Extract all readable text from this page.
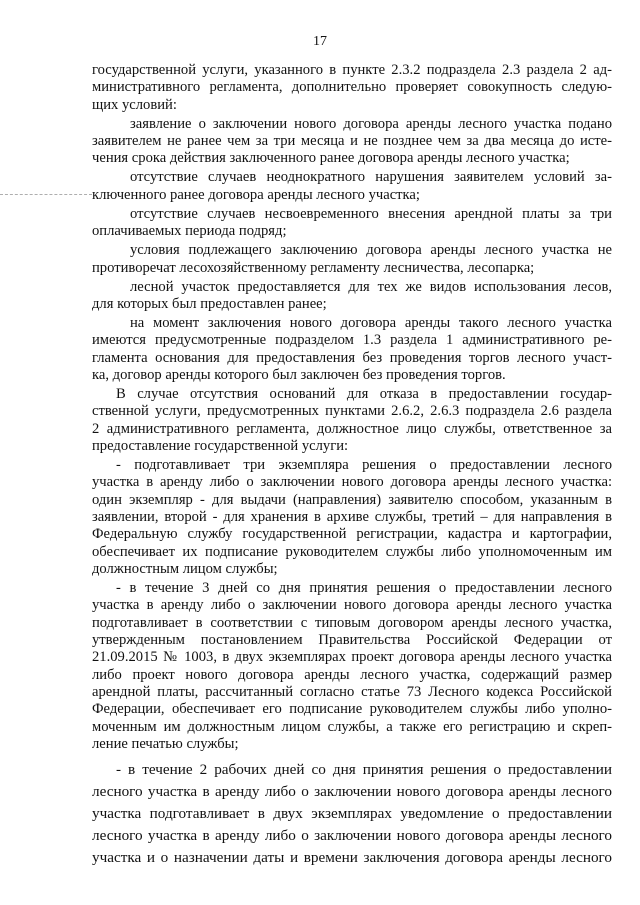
17
государственной услуги, указанного в пункте 2.3.2 подраздела 2.3 раздела 2 ад-
министративного регламента, дополнительно проверяет совокупность следую-
щих условий:
заявление о заключении нового договора аренды лесного участка подано
заявителем не ранее чем за три месяца и не позднее чем за два месяца до исте-
чения срока действия заключенного ранее договора аренды лесного участка;
отсутствие случаев неоднократного нарушения заявителем условий за-
ключенного ранее договора аренды лесного участка;
отсутствие случаев несвоевременного внесения арендной платы за три
оплачиваемых периода подряд;
условия подлежащего заключению договора аренды лесного участка не
противоречат лесохозяйственному регламенту лесничества, лесопарка;
лесной участок предоставляется для тех же видов использования лесов,
для которых был предоставлен ранее;
на момент заключения нового договора аренды такого лесного участка
имеются предусмотренные подразделом 1.3 раздела 1 административного ре-
гламента основания для предоставления без проведения торгов лесного участ-
ка, договор аренды которого был заключен без проведения торгов.
В случае отсутствия оснований для отказа в предоставлении государ-
ственной услуги, предусмотренных пунктами 2.6.2, 2.6.3 подраздела 2.6 раздела
2 административного регламента, должностное лицо службы, ответственное за
предоставление государственной услуги:
- подготавливает три экземпляра решения о предоставлении лесного
участка в аренду либо о заключении нового договора аренды лесного участка:
один экземпляр - для выдачи (направления) заявителю способом, указанным в
заявлении, второй - для хранения в архиве службы, третий – для направления в
Федеральную службу государственной регистрации, кадастра и картографии,
обеспечивает их подписание руководителем службы либо уполномоченным им
должностным лицом службы;
- в течение 3 дней со дня принятия решения о предоставлении лесного
участка в аренду либо о заключении нового договора аренды лесного участка
подготавливает в соответствии с типовым договором аренды лесного участка,
утвержденным постановлением Правительства Российской Федерации от
21.09.2015 № 1003, в двух экземплярах проект договора аренды лесного участка
либо проект нового договора аренды лесного участка, содержащий размер
арендной платы, рассчитанный согласно статье 73 Лесного кодекса Российской
Федерации, обеспечивает его подписание руководителем службы либо уполно-
моченным им должностным лицом службы, а также его регистрацию и скреп-
ление печатью службы;
- в течение 2 рабочих дней со дня принятия решения о предоставлении
лесного участка в аренду либо о заключении нового договора аренды лесного
участка подготавливает в двух экземплярах уведомление о предоставлении
лесного участка в аренду либо о заключении нового договора аренды лесного
участка и о назначении даты и времени заключения договора аренды лесного
